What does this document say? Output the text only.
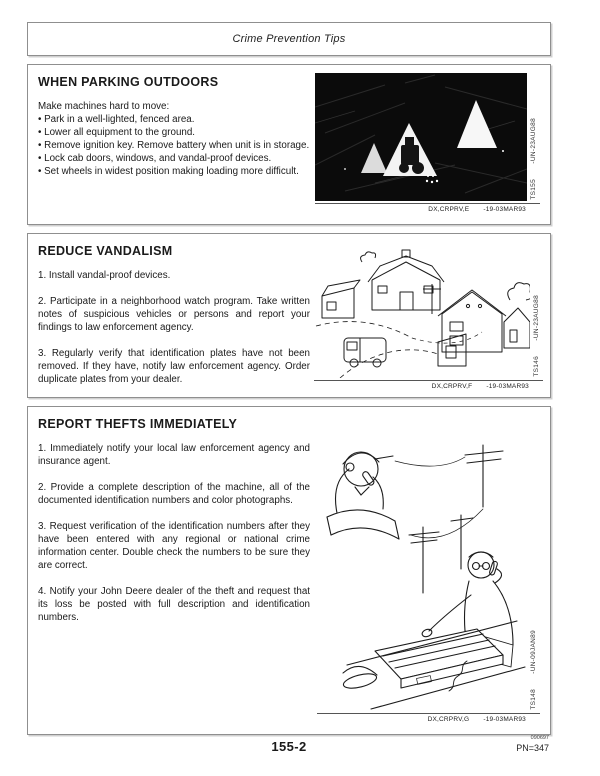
Crime Prevention Tips
WHEN PARKING OUTDOORS

Make machines hard to move:

• Park in a well-lighted, fenced area.

• Lower all equipment to the ground.

• Remove ignition key. Remove battery when unit is in storage.

• Lock cab doors, windows, and vandal-proof devices.

• Set wheels in widest position making loading more difficult.

-UN-23AUG88
TS155
DX,CRPRV,E -19-03MAR93
REDUCE VANDALISM

1. Install vandal-proof devices.

2. Participate in a neighborhood watch program. Take written notes of suspicious vehicles or persons and report your findings to law enforcement agency.

3. Regularly verify that identification plates have not been removed. If they have, notify law enforcement agency. Order duplicate plates from your dealer.

-UN-23AUG88
TS146
DX,CRPRV,F -19-03MAR93
REPORT THEFTS IMMEDIATELY

1. Immediately notify your local law enforcement agency and insurance agent.

2. Provide a complete description of the machine, all of the documented identification numbers and color photographs.

3. Request verification of the identification numbers after they have been entered with any regional or national crime information center. Double check the numbers to be sure they are correct.

4. Notify your John Deere dealer of the theft and request that its loss be posted with full description and identification numbers.

-UN-09JAN89
TS148
DX,CRPRV,G -19-03MAR93
155-2
090697
PN=347
